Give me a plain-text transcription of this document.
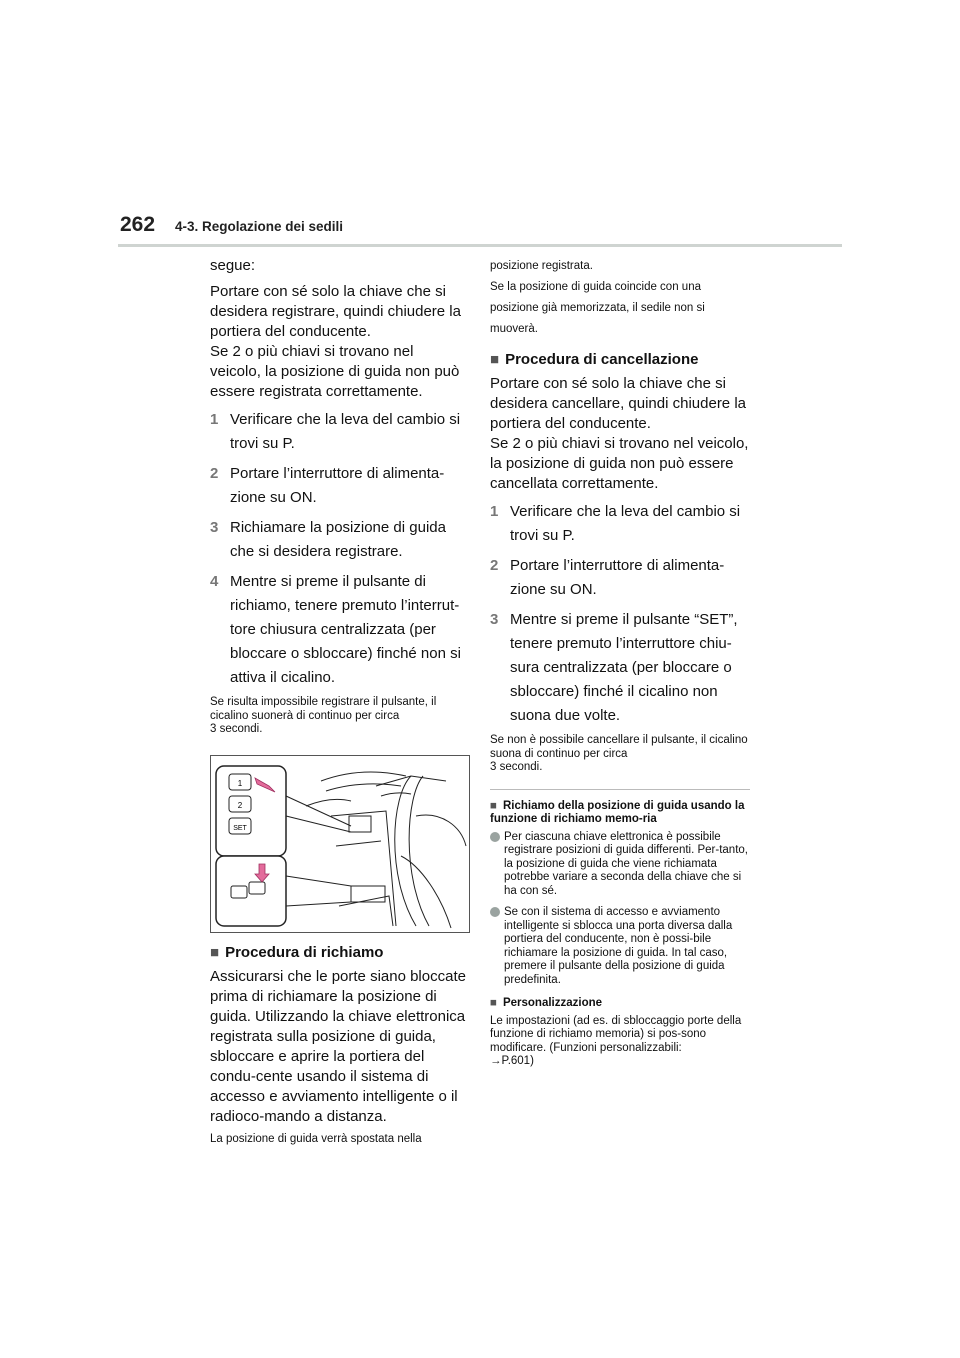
262 4-3. Regolazione dei sedili

segue:

Portare con sé solo la chiave che si desidera registrare, quindi chiudere la portiera del conducente.
Se 2 o più chiavi si trovano nel veicolo, la posizione di guida non può essere registrata correttamente.

1 Verificare che la leva del cambio si trovi su P.
2 Portare l’interruttore di alimenta-zione su ON.
3 Richiamare la posizione di guida che si desidera registrare.
4 Mentre si preme il pulsante di richiamo, tenere premuto l’interrut-tore chiusura centralizzata (per bloccare o sbloccare) finché non si attiva il cicalino.

Se risulta impossibile registrare il pulsante, il cicalino suonerà di continuo per circa
3 secondi.

1
2
SET
■ Procedura di richiamo

Assicurarsi che le porte siano bloccate prima di richiamare la posizione di guida. Utilizzando la chiave elettronica registrata sulla posizione di guida, sbloccare e aprire la portiera del condu-cente usando il sistema di accesso e avviamento intelligente o il radioco-mando a distanza.

La posizione di guida verrà spostata nella

posizione registrata.

Se la posizione di guida coincide con una

posizione già memorizzata, il sedile non si

muoverà.

■ Procedura di cancellazione

Portare con sé solo la chiave che si desidera cancellare, quindi chiudere la portiera del conducente.
Se 2 o più chiavi si trovano nel veicolo, la posizione di guida non può essere cancellata correttamente.

1 Verificare che la leva del cambio si trovi su P.
2 Portare l’interruttore di alimenta-zione su ON.
3 Mentre si preme il pulsante “SET”, tenere premuto l’interruttore chiu-sura centralizzata (per bloccare o sbloccare) finché il cicalino non suona due volte.

Se non è possibile cancellare il pulsante, il cicalino suona di continuo per circa
3 secondi.

■ Richiamo della posizione di guida usando la funzione di richiamo memo-ria
Per ciascuna chiave elettronica è possibile registrare posizioni di guida differenti. Per-tanto, la posizione di guida che viene richiamata potrebbe variare a seconda della chiave che si ha con sé.
Se con il sistema di accesso e avviamento intelligente si sblocca una porta diversa dalla portiera del conducente, non è possi-bile richiamare la posizione di guida. In tal caso, premere il pulsante della posizione di guida predefinita.
■ Personalizzazione

Le impostazioni (ad es. di sbloccaggio porte della funzione di richiamo memoria) si pos-sono modificare. (Funzioni personalizzabili:
→P.601)
